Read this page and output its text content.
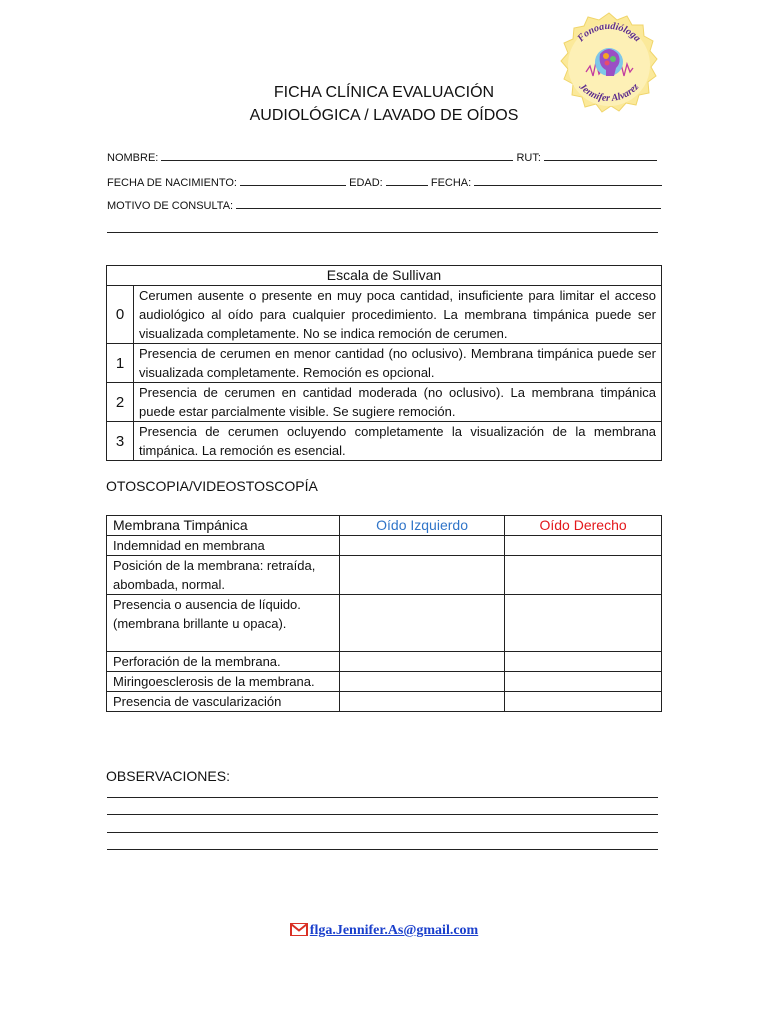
Fonoaudióloga
Jennifer Alvarez
FICHA CLÍNICA EVALUACIÓN
AUDIOLÓGICA / LAVADO DE OÍDOS
NOMBRE:	RUT:
FECHA DE NACIMIENTO:	EDAD:	FECHA:
MOTIVO DE CONSULTA:
Escala de Sullivan	
0	Cerumen ausente o presente en muy poca cantidad, insuficiente para limitar el acceso audiológico al oído para cualquier procedimiento. La membrana timpánica puede ser visualizada completamente. No se indica remoción de cerumen.
1	Presencia de cerumen en menor cantidad (no oclusivo). Membrana timpánica puede ser visualizada completamente. Remoción es opcional.
2	Presencia de cerumen en cantidad moderada (no oclusivo). La membrana timpánica puede estar parcialmente visible. Se sugiere remoción.
3	Presencia de cerumen ocluyendo completamente la visualización de la membrana timpánica. La remoción es esencial.
OTOSCOPIA/VIDEOSTOSCOPÍA
Membrana Timpánica	Oído Izquierdo	Oído Derecho
Indemnidad en membrana		
Posición de la membrana: retraída, abombada, normal.		
Presencia o ausencia de líquido. (membrana brillante u opaca).		
Perforación de la membrana.		
Miringoesclerosis de la membrana.		
Presencia de vascularización		
OBSERVACIONES:
flga.Jennifer.As@gmail.com
